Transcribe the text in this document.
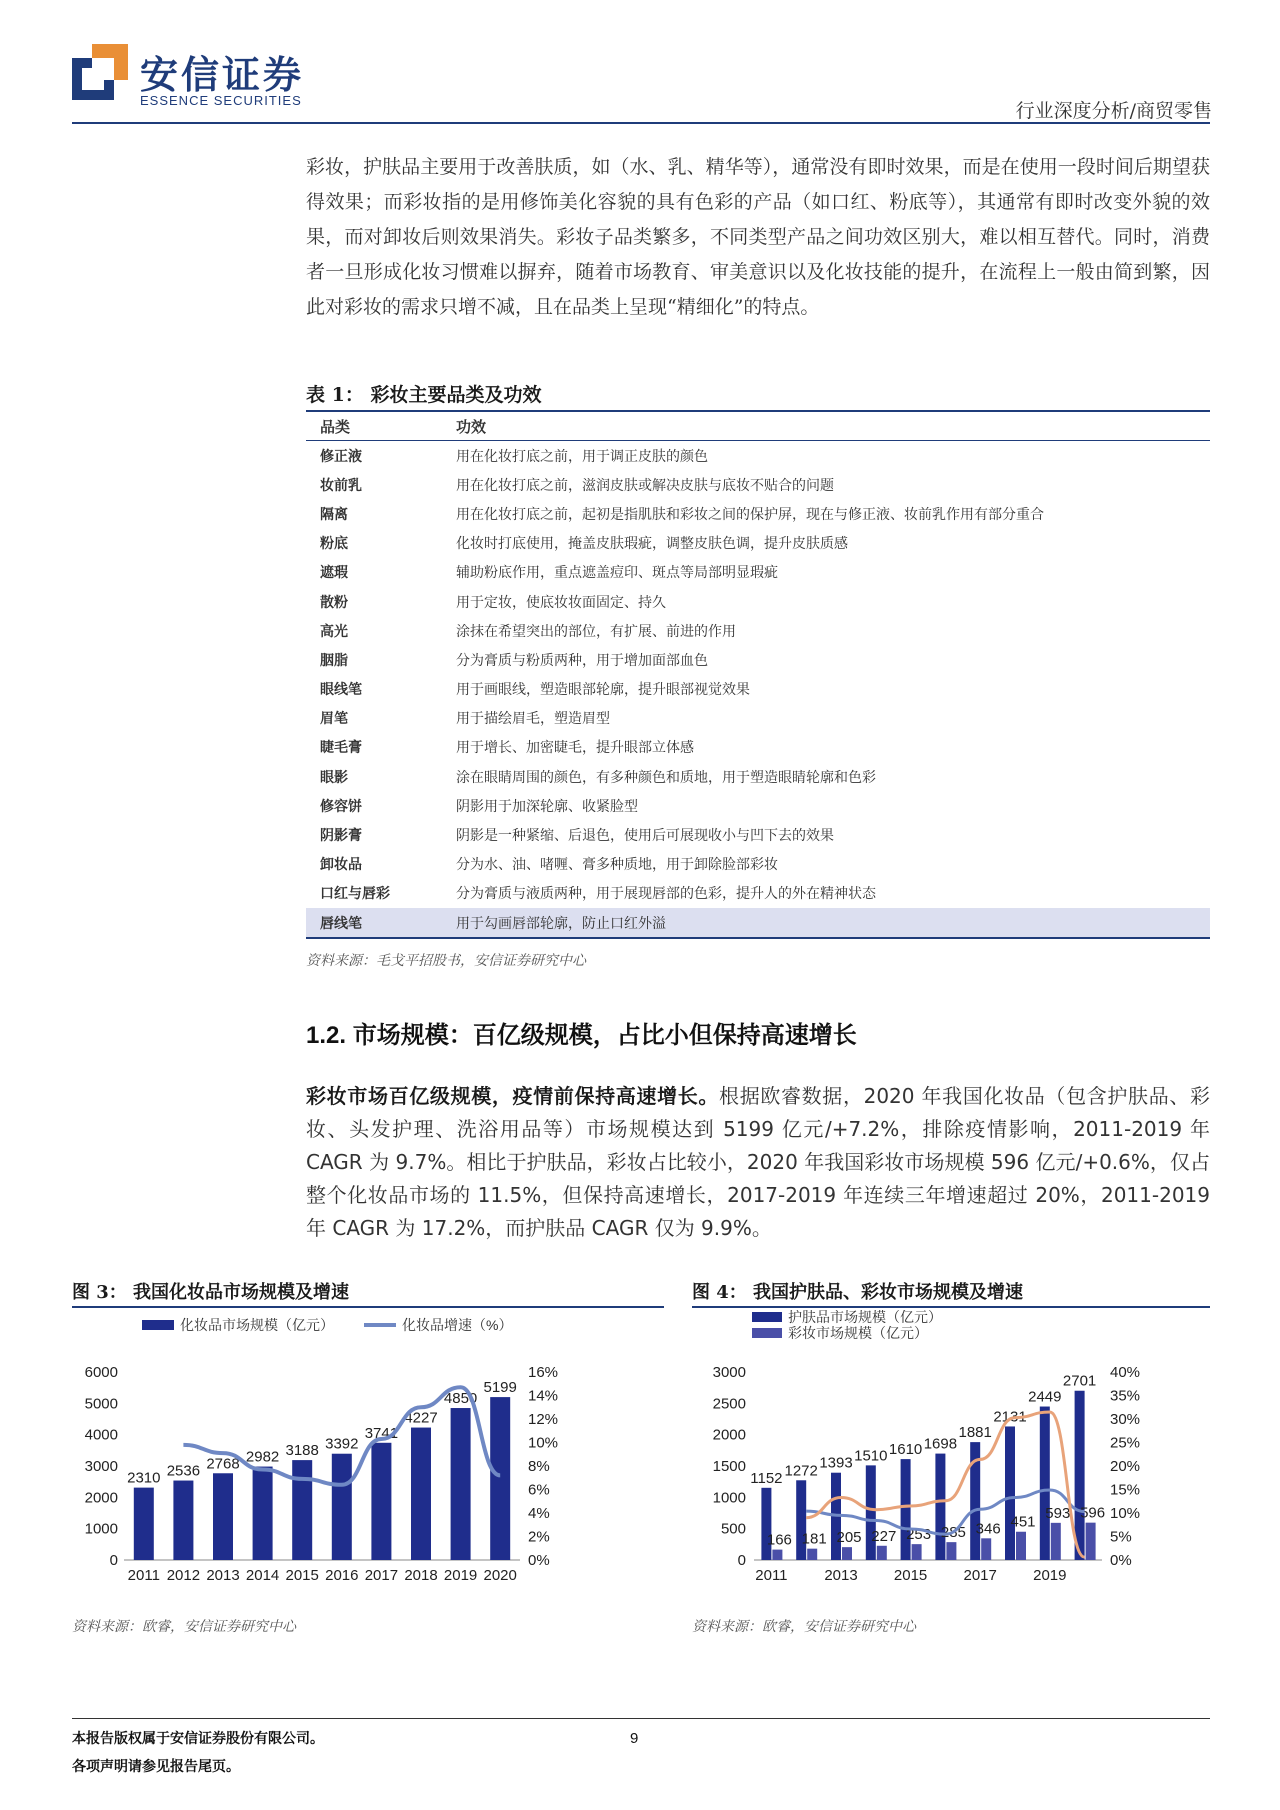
安信证券
ESSENCE SECURITIES	行业深度分析/商贸零售
彩妆，护肤品主要用于改善肤质，如（水、乳、精华等），通常没有即时效果，而是在使用一段时间后期望获得效果；而彩妆指的是用修饰美化容貌的具有色彩的产品（如口红、粉底等），其通常有即时改变外貌的效果，而对卸妆后则效果消失。彩妆子品类繁多，不同类型产品之间功效区别大，难以相互替代。同时，消费者一旦形成化妆习惯难以摒弃，随着市场教育、审美意识以及化妆技能的提升，在流程上一般由简到繁，因此对彩妆的需求只增不减，且在品类上呈现“精细化”的特点。
表 1： 彩妆主要品类及功效
品类	功效
修正液	用在化妆打底之前，用于调正皮肤的颜色
妆前乳	用在化妆打底之前，滋润皮肤或解决皮肤与底妆不贴合的问题
隔离	用在化妆打底之前，起初是指肌肤和彩妆之间的保护屏，现在与修正液、妆前乳作用有部分重合
粉底	化妆时打底使用，掩盖皮肤瑕疵，调整皮肤色调，提升皮肤质感
遮瑕	辅助粉底作用，重点遮盖痘印、斑点等局部明显瑕疵
散粉	用于定妆，使底妆妆面固定、持久
高光	涂抹在希望突出的部位，有扩展、前进的作用
胭脂	分为膏质与粉质两种，用于增加面部血色
眼线笔	用于画眼线，塑造眼部轮廓，提升眼部视觉效果
眉笔	用于描绘眉毛，塑造眉型
睫毛膏	用于增长、加密睫毛，提升眼部立体感
眼影	涂在眼睛周围的颜色，有多种颜色和质地，用于塑造眼睛轮廓和色彩
修容饼	阴影用于加深轮廓、收紧脸型
阴影膏	阴影是一种紧缩、后退色，使用后可展现收小与凹下去的效果
卸妆品	分为水、油、啫喱、膏多种质地，用于卸除脸部彩妆
口红与唇彩	分为膏质与液质两种，用于展现唇部的色彩，提升人的外在精神状态
唇线笔	用于勾画唇部轮廓，防止口红外溢
资料来源：毛戈平招股书，安信证券研究中心
1.2. 市场规模：百亿级规模，占比小但保持高速增长
彩妆市场百亿级规模，疫情前保持高速增长。根据欧睿数据，2020 年我国化妆品（包含护肤品、彩妆、头发护理、洗浴用品等）市场规模达到 5199 亿元/+7.2%，排除疫情影响，2011-2019 年 CAGR 为 9.7%。相比于护肤品，彩妆占比较小，2020 年我国彩妆市场规模 596 亿元/+0.6%，仅占整个化妆品市场的 11.5%，但保持高速增长，2017-2019 年连续三年增速超过 20%，2011-2019 年 CAGR 为 17.2%，而护肤品 CAGR 仅为 9.9%。
图 3： 我国化妆品市场规模及增速
化妆品市场规模（亿元）	化妆品增速（%）
0
1000
2000
3000
4000
5000
6000
0%
2%
4%
6%
8%
10%
12%
14%
16%
2310
2011
2536
2012
2768
2013
2982
2014
3188
2015
3392
2016
3741
2017
4227
2018
4850
2019
5199
2020
资料来源：欧睿，安信证券研究中心
图 4： 我国护肤品、彩妆市场规模及增速
护肤品市场规模（亿元）
彩妆市场规模（亿元）
0
500
1000
1500
2000
2500
3000
0%
5%
10%
15%
20%
25%
30%
35%
40%
1152
166
1272
181
1393
205
1510
227
1610
253
1698
285
1881
346
2131
451
2449
593
2701
596
2011 2013 2015 2017 2019
资料来源：欧睿，安信证券研究中心
本报告版权属于安信证券股份有限公司。
各项声明请参见报告尾页。
9
